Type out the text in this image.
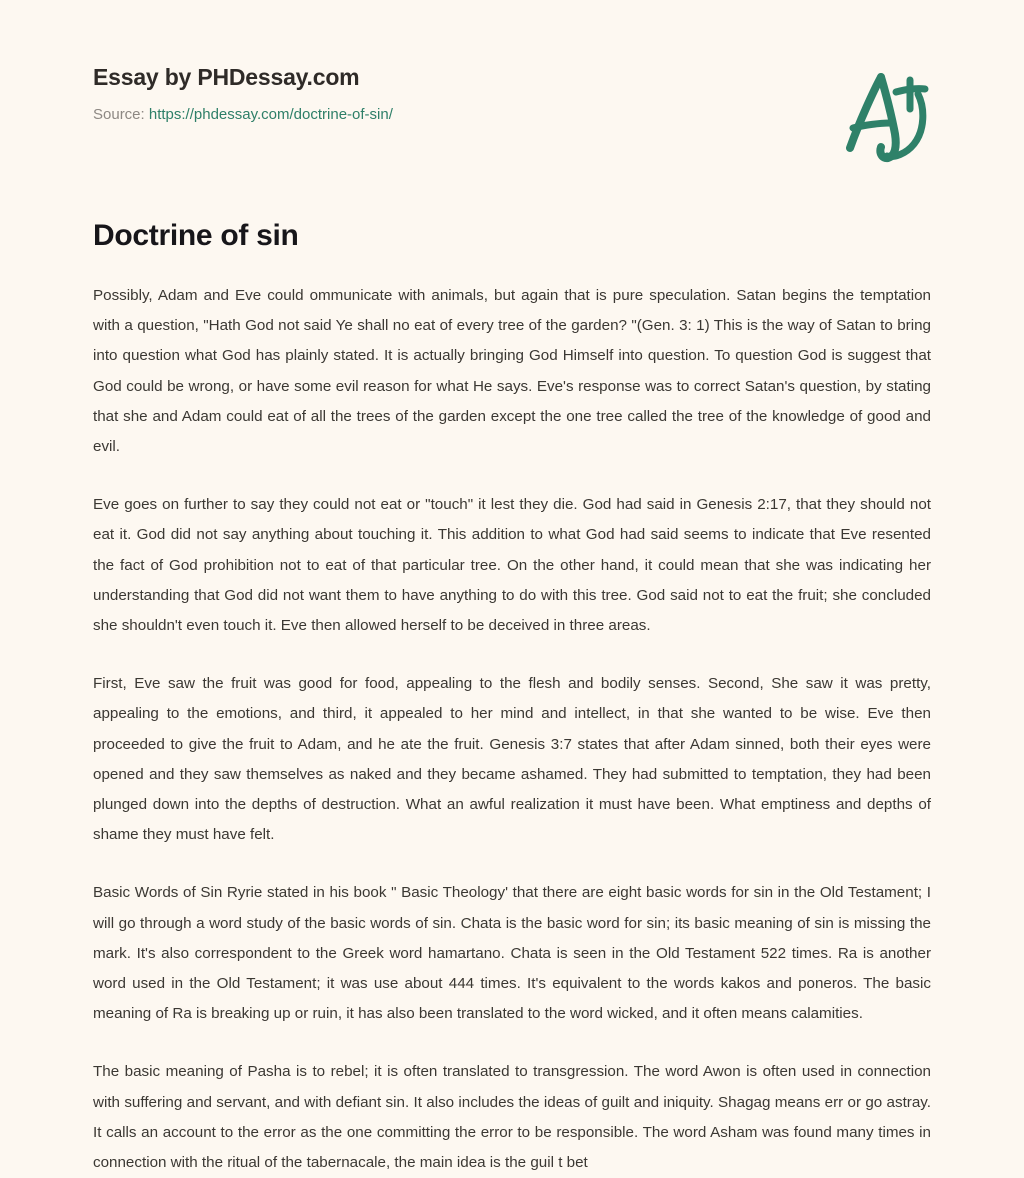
Essay by PHDessay.com
Source: https://phdessay.com/doctrine-of-sin/
Doctrine of sin

Possibly, Adam and Eve could ommunicate with animals, but again that is pure speculation. Satan begins the temptation with a question, "Hath God not said Ye shall no eat of every tree of the garden? "(Gen. 3: 1) This is the way of Satan to bring into question what God has plainly stated. It is actually bringing God Himself into question. To question God is suggest that God could be wrong, or have some evil reason for what He says. Eve's response was to correct Satan's question, by stating that she and Adam could eat of all the trees of the garden except the one tree called the tree of the knowledge of good and evil.

Eve goes on further to say they could not eat or "touch" it lest they die. God had said in Genesis 2:17, that they should not eat it. God did not say anything about touching it. This addition to what God had said seems to indicate that Eve resented the fact of God prohibition not to eat of that particular tree. On the other hand, it could mean that she was indicating her understanding that God did not want them to have anything to do with this tree. God said not to eat the fruit; she concluded she shouldn't even touch it. Eve then allowed herself to be deceived in three areas.

First, Eve saw the fruit was good for food, appealing to the flesh and bodily senses. Second, She saw it was pretty, appealing to the emotions, and third, it appealed to her mind and intellect, in that she wanted to be wise. Eve then proceeded to give the fruit to Adam, and he ate the fruit. Genesis 3:7 states that after Adam sinned, both their eyes were opened and they saw themselves as naked and they became ashamed. They had submitted to temptation, they had been plunged down into the depths of destruction. What an awful realization it must have been. What emptiness and depths of shame they must have felt.

Basic Words of Sin Ryrie stated in his book " Basic Theology' that there are eight basic words for sin in the Old Testament; I will go through a word study of the basic words of sin. Chata is the basic word for sin; its basic meaning of sin is missing the mark. It's also correspondent to the Greek word hamartano. Chata is seen in the Old Testament 522 times. Ra is another word used in the Old Testament; it was use about 444 times. It's equivalent to the words kakos and poneros. The basic meaning of Ra is breaking up or ruin, it has also been translated to the word wicked, and it often means calamities.

The basic meaning of Pasha is to rebel; it is often translated to transgression. The word Awon is often used in connection with suffering and servant, and with defiant sin. It also includes the ideas of guilt and iniquity. Shagag means err or go astray. It calls an account to the error as the one committing the error to be responsible. The word Asham was found many times in connection with the ritual of the tabernacale, the main idea is the guil t bet
